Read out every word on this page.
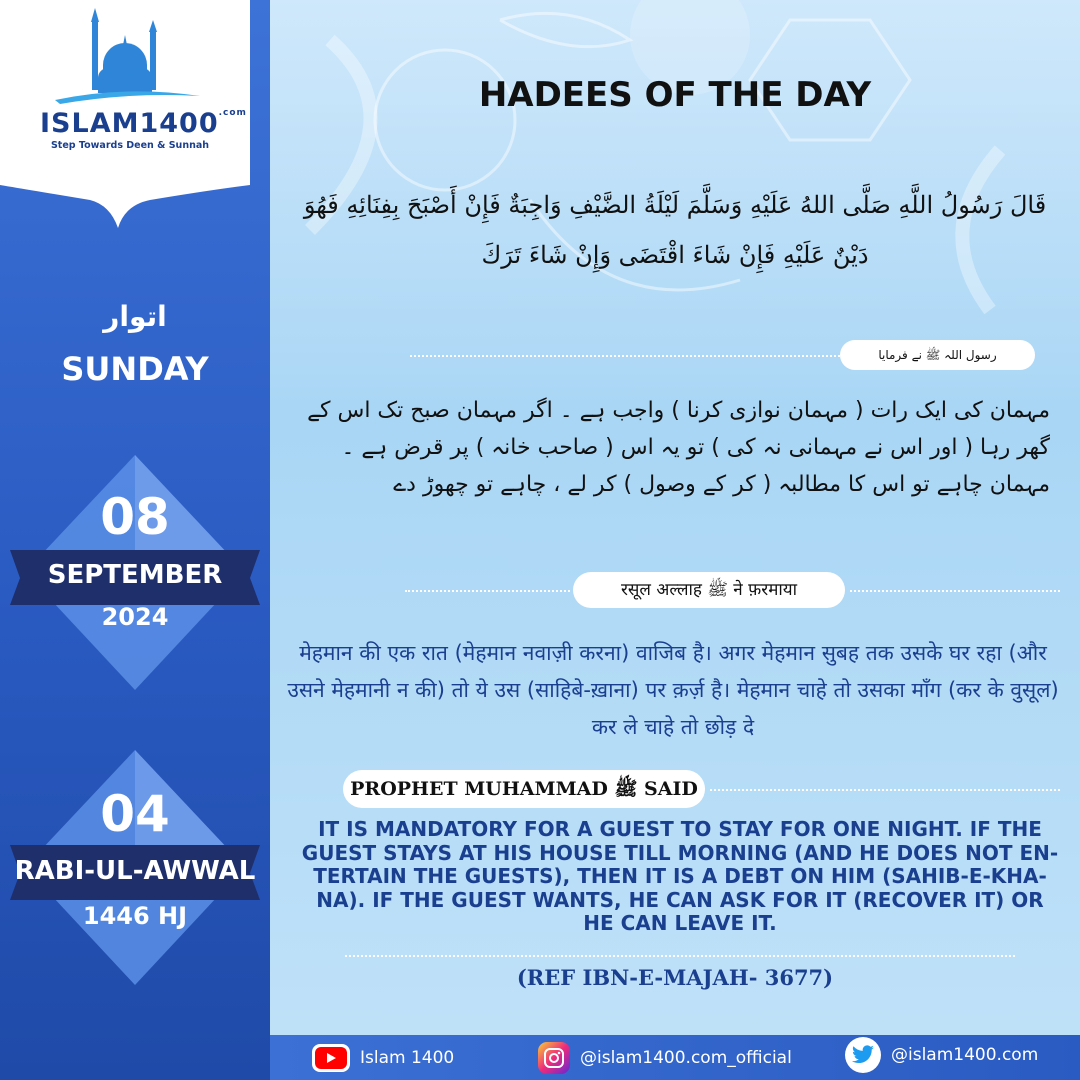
$ISLAM1400^{.com}$
Step Towards Deen & Sunnah
اتوار
SUNDAY
08
SEPTEMBER
2024
04
RABI-UL-AWWAL
1446 HJ
HADEES OF THE DAY
قَالَ رَسُولُ اللَّهِ صَلَّى اللهُ عَلَيْهِ وَسَلَّمَ لَيْلَةُ الضَّيْفِ وَاجِبَةٌ فَإِنْ أَصْبَحَ بِفِنَائِهِ فَهُوَ دَيْنٌ عَلَيْهِ فَإِنْ شَاءَ اقْتَضَى وَإِنْ شَاءَ تَرَكَ
رسول اللہ ﷺ نے فرمایا
مہمان کی ایک رات ( مہمان نوازی کرنا ) واجب ہے ۔ اگر مہمان صبح تک اس کے گھر رہا ( اور اس نے مہمانی نہ کی ) تو یہ اس ( صاحب خانہ ) پر قرض ہے ۔ مہمان چاہے تو اس کا مطالبہ ( کر کے وصول ) کر لے ، چاہے تو چھوڑ دے
रसूल अल्लाह ﷺ ने फ़रमाया
मेहमान की एक रात (मेहमान नवाज़ी करना) वाजिब है। अगर मेहमान सुबह तक उसके घर रहा (और उसने मेहमानी न की) तो ये उस (साहिबे-ख़ाना) पर क़र्ज़ है। मेहमान चाहे तो उसका माँग (कर के वुसूल) कर ले चाहे तो छोड़ दे
PROPHET MUHAMMAD ﷺ SAID
IT IS MANDATORY FOR A GUEST TO STAY FOR ONE NIGHT. IF THE GUEST STAYS AT HIS HOUSE TILL MORNING (AND HE DOES NOT EN-TERTAIN THE GUESTS), THEN IT IS A DEBT ON HIM (SAHIB-E-KHA-NA). IF THE GUEST WANTS, HE CAN ASK FOR IT (RECOVER IT) OR HE CAN LEAVE IT.
(REF IBN-E-MAJAH- 3677)
Islam 1400	@islam1400.com_official	@islam1400.com
